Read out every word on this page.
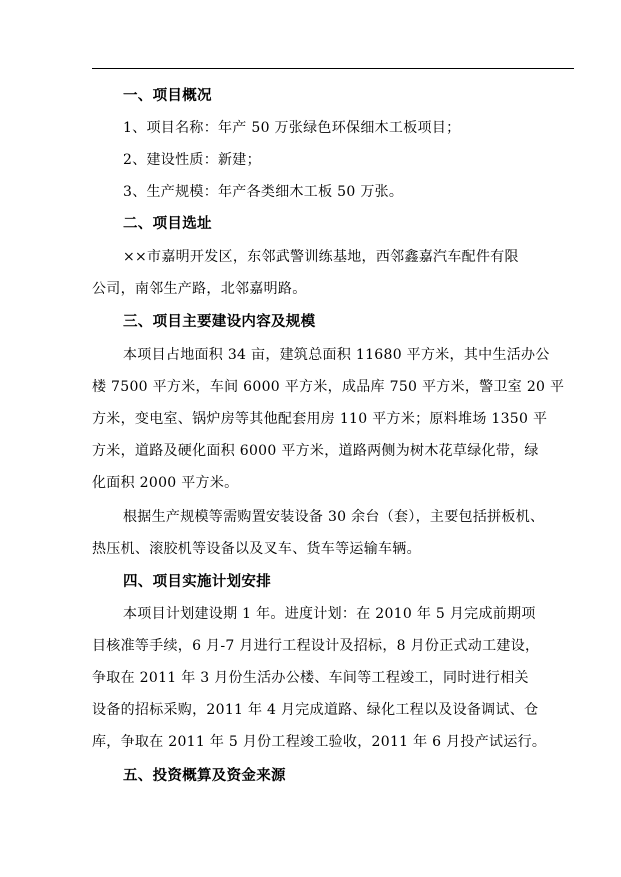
一、项目概况
1、项目名称：年产 50 万张绿色环保细木工板项目；
2、建设性质：新建；
3、生产规模：年产各类细木工板 50 万张。
二、项目选址
××市嘉明开发区，东邻武警训练基地，西邻鑫嘉汽车配件有限
公司，南邻生产路，北邻嘉明路。
三、项目主要建设内容及规模
本项目占地面积 34 亩，建筑总面积 11680 平方米，其中生活办公
楼 7500 平方米，车间 6000 平方米，成品库 750 平方米，警卫室 20 平
方米，变电室、锅炉房等其他配套用房 110 平方米；原料堆场 1350 平
方米，道路及硬化面积 6000 平方米，道路两侧为树木花草绿化带，绿
化面积 2000 平方米。
根据生产规模等需购置安装设备 30 余台（套），主要包括拼板机、
热压机、滚胶机等设备以及叉车、货车等运输车辆。
四、项目实施计划安排
本项目计划建设期 1 年。进度计划：在 2010 年 5 月完成前期项
目核准等手续，6 月-7 月进行工程设计及招标，8 月份正式动工建设，
争取在 2011 年 3 月份生活办公楼、车间等工程竣工，同时进行相关
设备的招标采购，2011 年 4 月完成道路、绿化工程以及设备调试、仓
库，争取在 2011 年 5 月份工程竣工验收，2011 年 6 月投产试运行。
五、投资概算及资金来源
